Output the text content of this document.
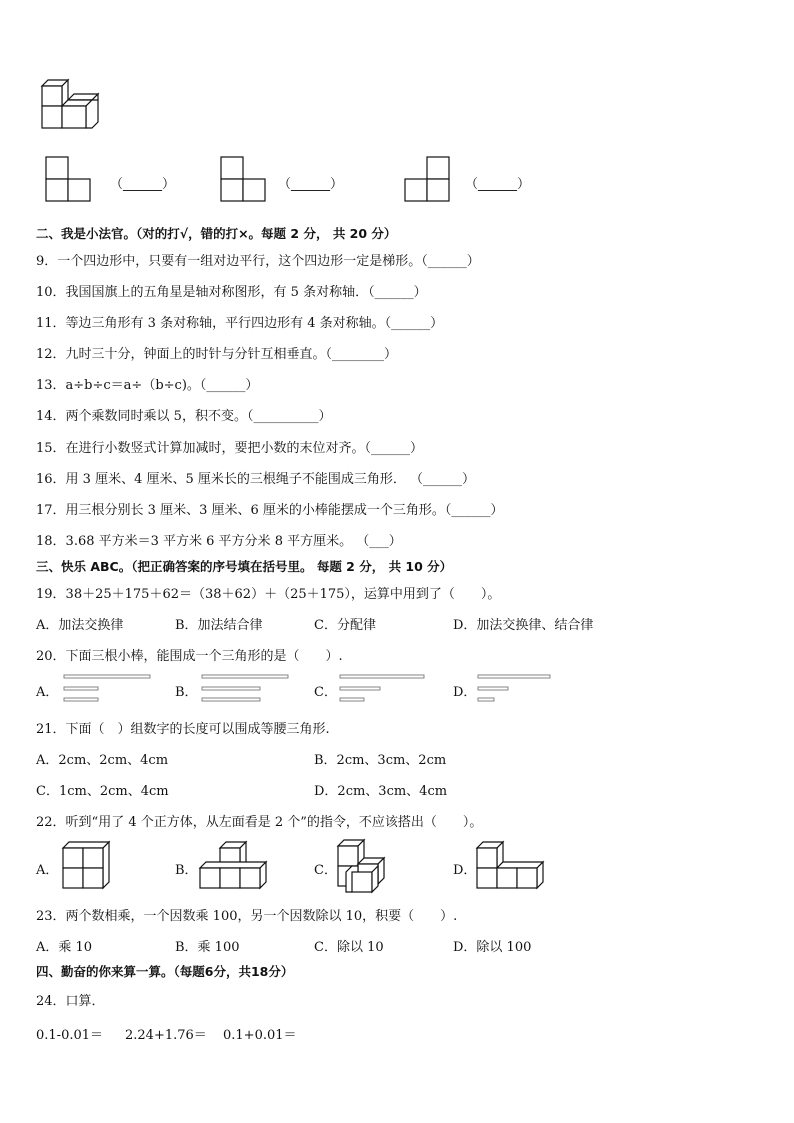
（______）	（______）	（______）
二、我是小法官。（对的打√，错的打×。每题 2 分， 共 20 分）
9．一个四边形中，只要有一组对边平行，这个四边形一定是梯形。（______）
10．我国国旗上的五角星是轴对称图形，有 5 条对称轴．（______）
11．等边三角形有 3 条对称轴，平行四边形有 4 条对称轴。（______）
12．九时三十分，钟面上的时针与分针互相垂直。（________）
13．a÷b÷c＝a÷（b÷c)。（______）
14．两个乘数同时乘以 5，积不变。（__________）
15．在进行小数竖式计算加减时，要把小数的末位对齐。（______）
16．用 3 厘米、4 厘米、5 厘米长的三根绳子不能围成三角形． （______）
17．用三根分别长 3 厘米、3 厘米、6 厘米的小棒能摆成一个三角形。（______）
18．3.68 平方米＝3 平方米 6 平方分米 8 平方厘米。 （___）
三、快乐 ABC。（把正确答案的序号填在括号里。 每题 2 分， 共 10 分）
19．38＋25＋175＋62＝（38＋62）＋（25＋175），运算中用到了（　　）。
A．加法交换律	B．加法结合律	C．分配律	D．加法交换律、结合律
20．下面三根小棒，能围成一个三角形的是（　　）.
A．	B．	C．	D．
21．下面（　）组数字的长度可以围成等腰三角形.
A．2cm、2cm、4cm	B．2cm、3cm、2cm
C．1cm、2cm、4cm	D．2cm、3cm、4cm
22．听到“用了 4 个正方体，从左面看是 2 个”的指令，不应该搭出（　　）。
A．	B．	C．	D．
23．两个数相乘，一个因数乘 100，另一个因数除以 10，积要（　　）.
A．乘 10	B．乘 100	C．除以 10	D．除以 100
四、勤奋的你来算一算。（每题6分，共18分）
24．口算．
0.1-0.01＝ 2.24+1.76＝ 0.1+0.01＝
